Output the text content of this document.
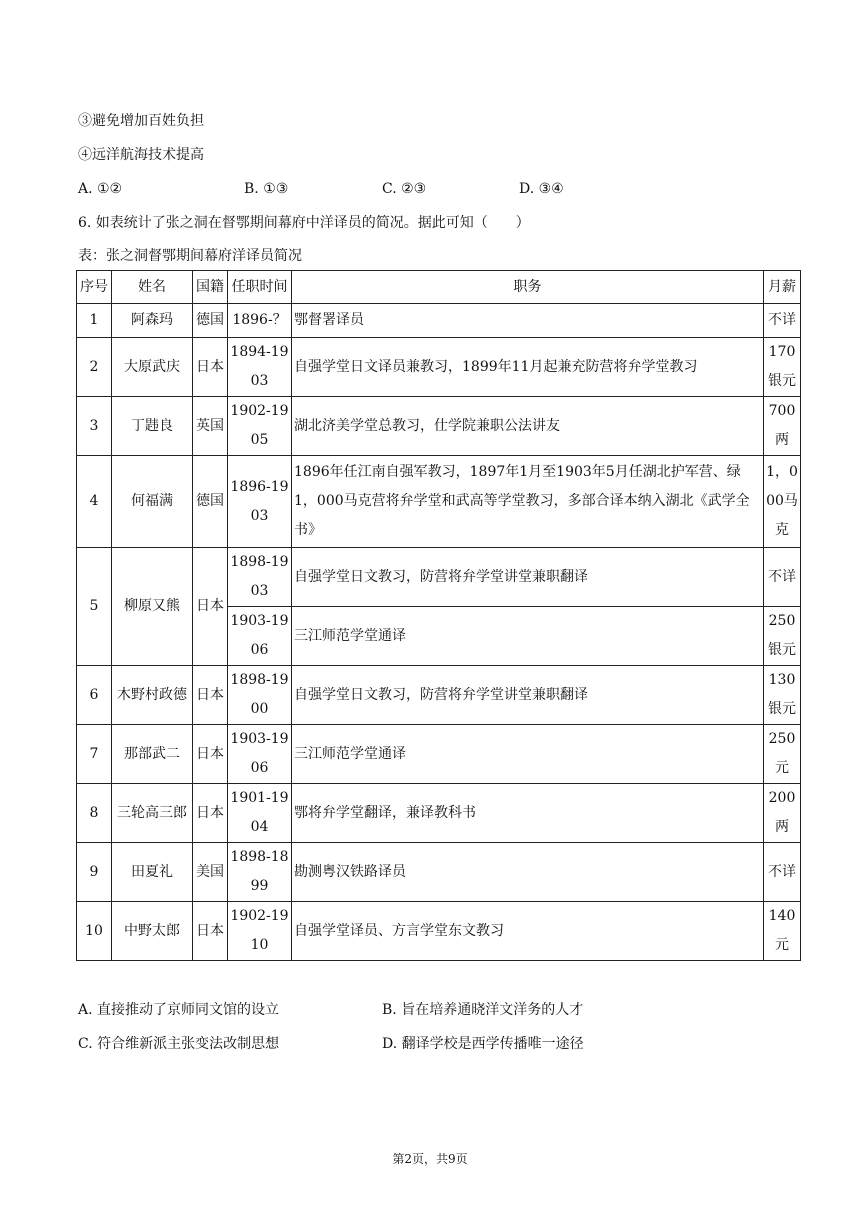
③避免增加百姓负担
④远洋航海技术提高
A. ①②	B. ①③	C. ②③	D. ③④
6. 如表统计了张之洞在督鄂期间幕府中洋译员的简况。据此可知（　　）
表：张之洞督鄂期间幕府洋译员简况
序号	姓名	国籍	任职时间	职务	月薪
1	阿森玛	德国	1896-？	鄂督署译员	不详
2	大原武庆	日本	1894-1903	自强学堂日文译员兼教习，1899年11月起兼充防营将弁学堂教习	170银元
3	丁韪良	英国	1902-1905	湖北济美学堂总教习，仕学院兼职公法讲友	700两
4	何福满	德国	1896-1903	1896年任江南自强军教习，1897年1月至1903年5月任湖北护军营、绿1，000马克营将弁学堂和武高等学堂教习，多部合译本纳入湖北《武学全书》	1，000马克
5	柳原又熊	日本	1898-1903	自强学堂日文教习，防营将弁学堂讲堂兼职翻译	不详
			1903-1906	三江师范学堂通译	250银元
6	木野村政德	日本	1898-1900	自强学堂日文教习，防营将弁学堂讲堂兼职翻译	130银元
7	那部武二	日本	1903-1906	三江师范学堂通译	250元
8	三轮高三郎	日本	1901-1904	鄂将弁学堂翻译，兼译教科书	200两
9	田夏礼	美国	1898-1899	勘测粤汉铁路译员	不详
10	中野太郎	日本	1902-1910	自强学堂译员、方言学堂东文教习	140元
A. 直接推动了京师同文馆的设立	B. 旨在培养通晓洋文洋务的人才
C. 符合维新派主张变法改制思想	D. 翻译学校是西学传播唯一途径
第2页，共9页
